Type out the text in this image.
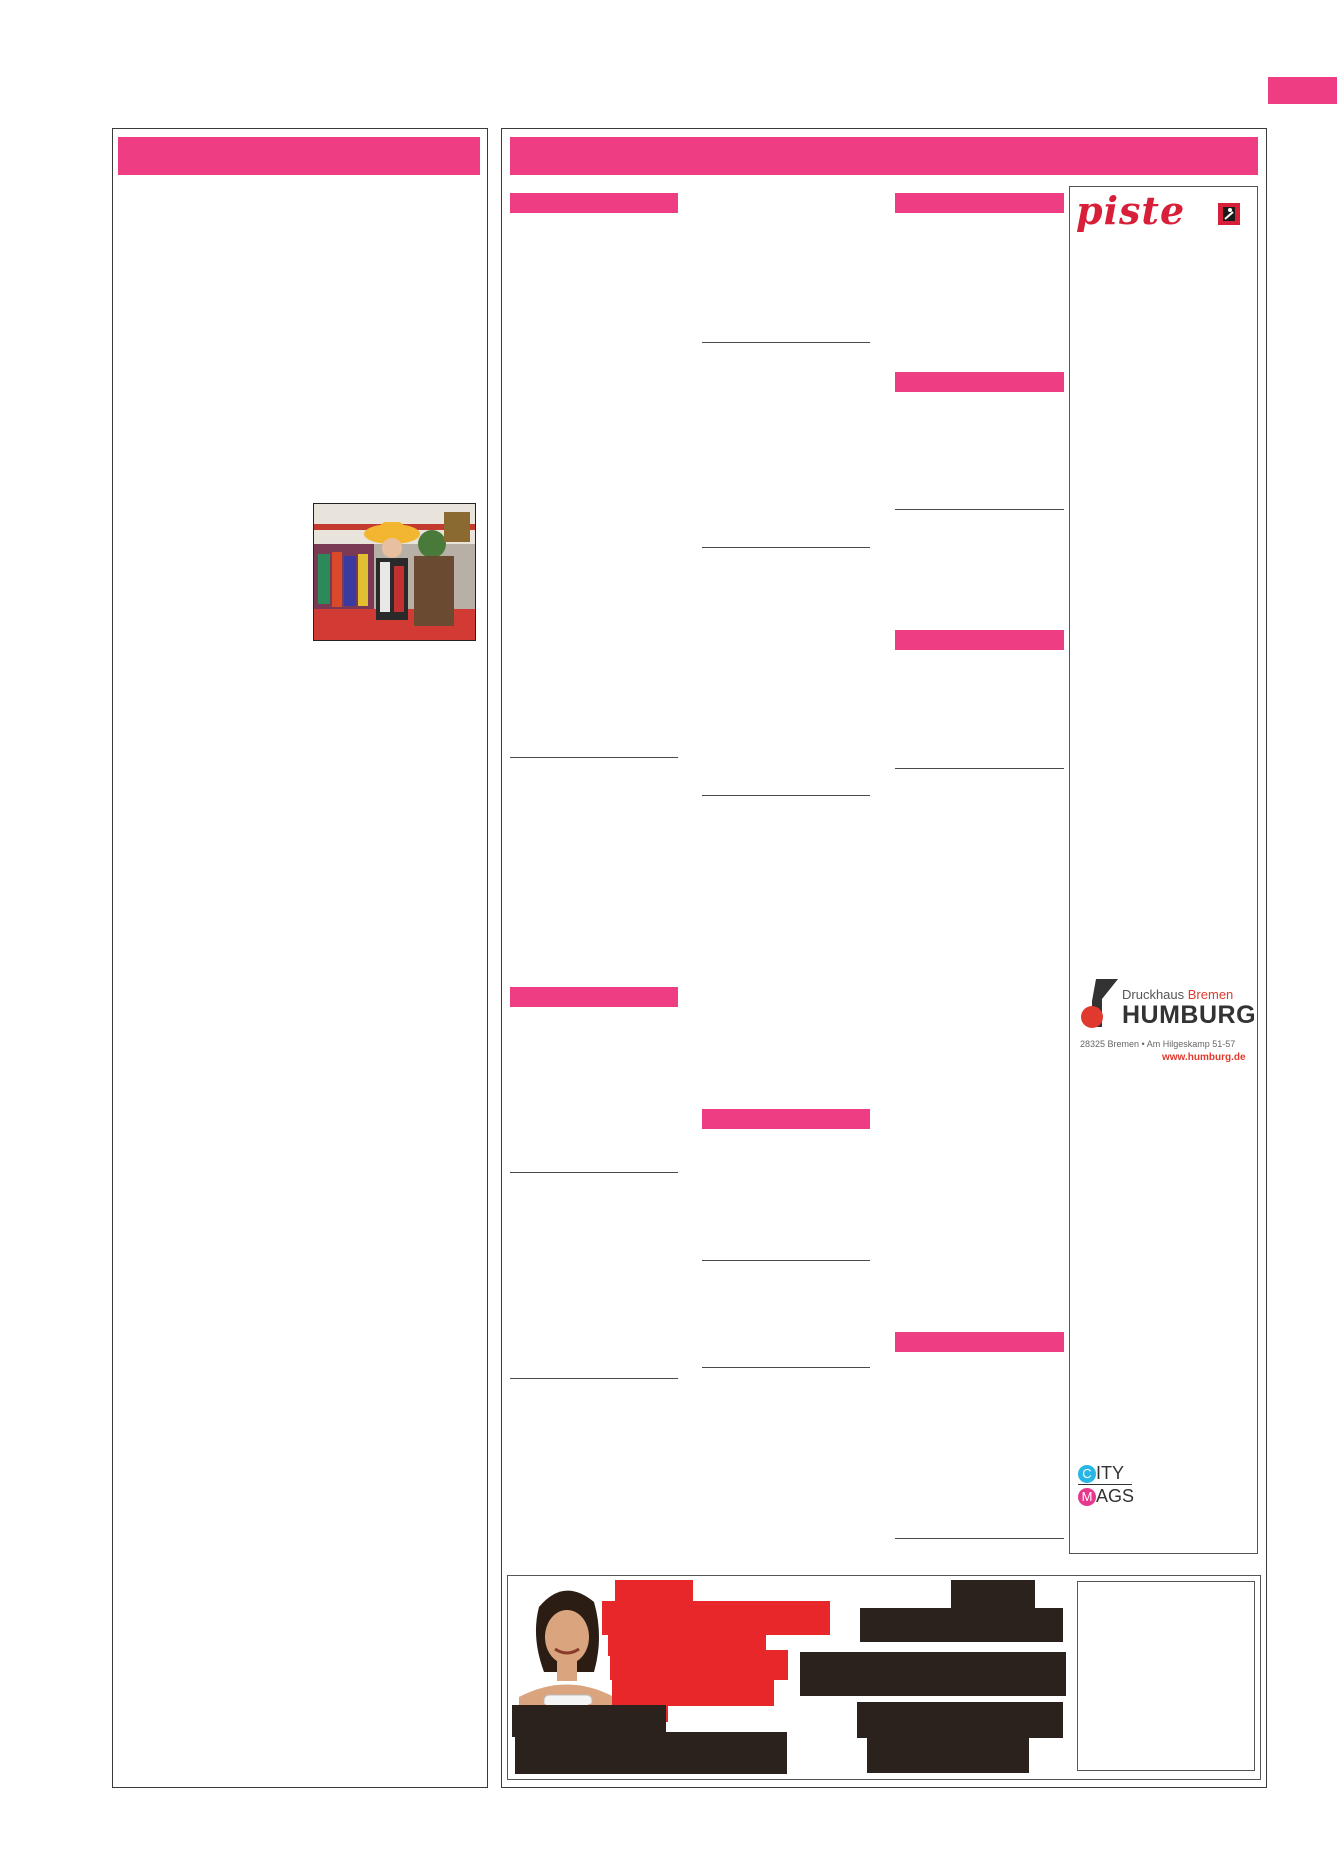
piste
Druckhaus Bremen
HUMBURG
28325 Bremen • Am Hilgeskamp 51-57
www.humburg.de
C ITY
M AGS
